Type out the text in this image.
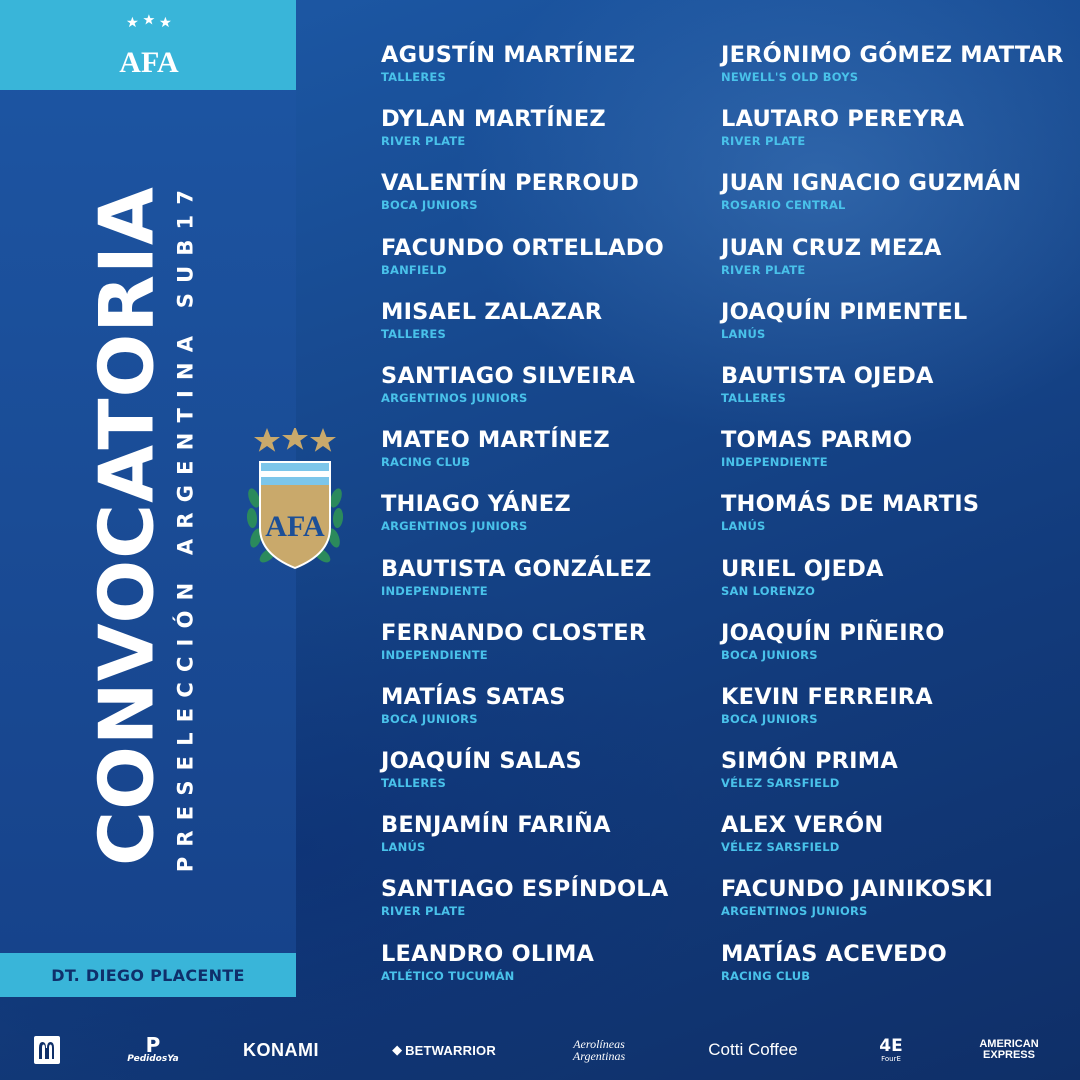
AFA
CONVOCATORIA PRESELECCIÓN ARGENTINA SUB17 AFA
DT. DIEGO PLACENTE
AGUSTÍN MARTÍNEZ
TALLERES
DYLAN MARTÍNEZ
RIVER PLATE
VALENTÍN PERROUD
BOCA JUNIORS
FACUNDO ORTELLADO
BANFIELD
MISAEL ZALAZAR
TALLERES
SANTIAGO SILVEIRA
ARGENTINOS JUNIORS
MATEO MARTÍNEZ
RACING CLUB
THIAGO YÁNEZ
ARGENTINOS JUNIORS
BAUTISTA GONZÁLEZ
INDEPENDIENTE
FERNANDO CLOSTER
INDEPENDIENTE
MATÍAS SATAS
BOCA JUNIORS
JOAQUÍN SALAS
TALLERES
BENJAMÍN FARIÑA
LANÚS
SANTIAGO ESPÍNDOLA
RIVER PLATE
LEANDRO OLIMA
ATLÉTICO TUCUMÁN
JERÓNIMO GÓMEZ MATTAR
NEWELL'S OLD BOYS
LAUTARO PEREYRA
RIVER PLATE
JUAN IGNACIO GUZMÁN
ROSARIO CENTRAL
JUAN CRUZ MEZA
RIVER PLATE
JOAQUÍN PIMENTEL
LANÚS
BAUTISTA OJEDA
TALLERES
TOMAS PARMO
INDEPENDIENTE
THOMÁS DE MARTIS
LANÚS
URIEL OJEDA
SAN LORENZO
JOAQUÍN PIÑEIRO
BOCA JUNIORS
KEVIN FERREIRA
BOCA JUNIORS
SIMÓN PRIMA
VÉLEZ SARSFIELD
ALEX VERÓN
VÉLEZ SARSFIELD
FACUNDO JAINIKOSKI
ARGENTINOS JUNIORS
MATÍAS ACEVEDO
RACING CLUB
P
PedidosYa	KONAMI	◆ BETWARRIOR	Aerolíneas
Argentinas	Cotti Coffee	4E
FourE
AMERICAN
EXPRESS
